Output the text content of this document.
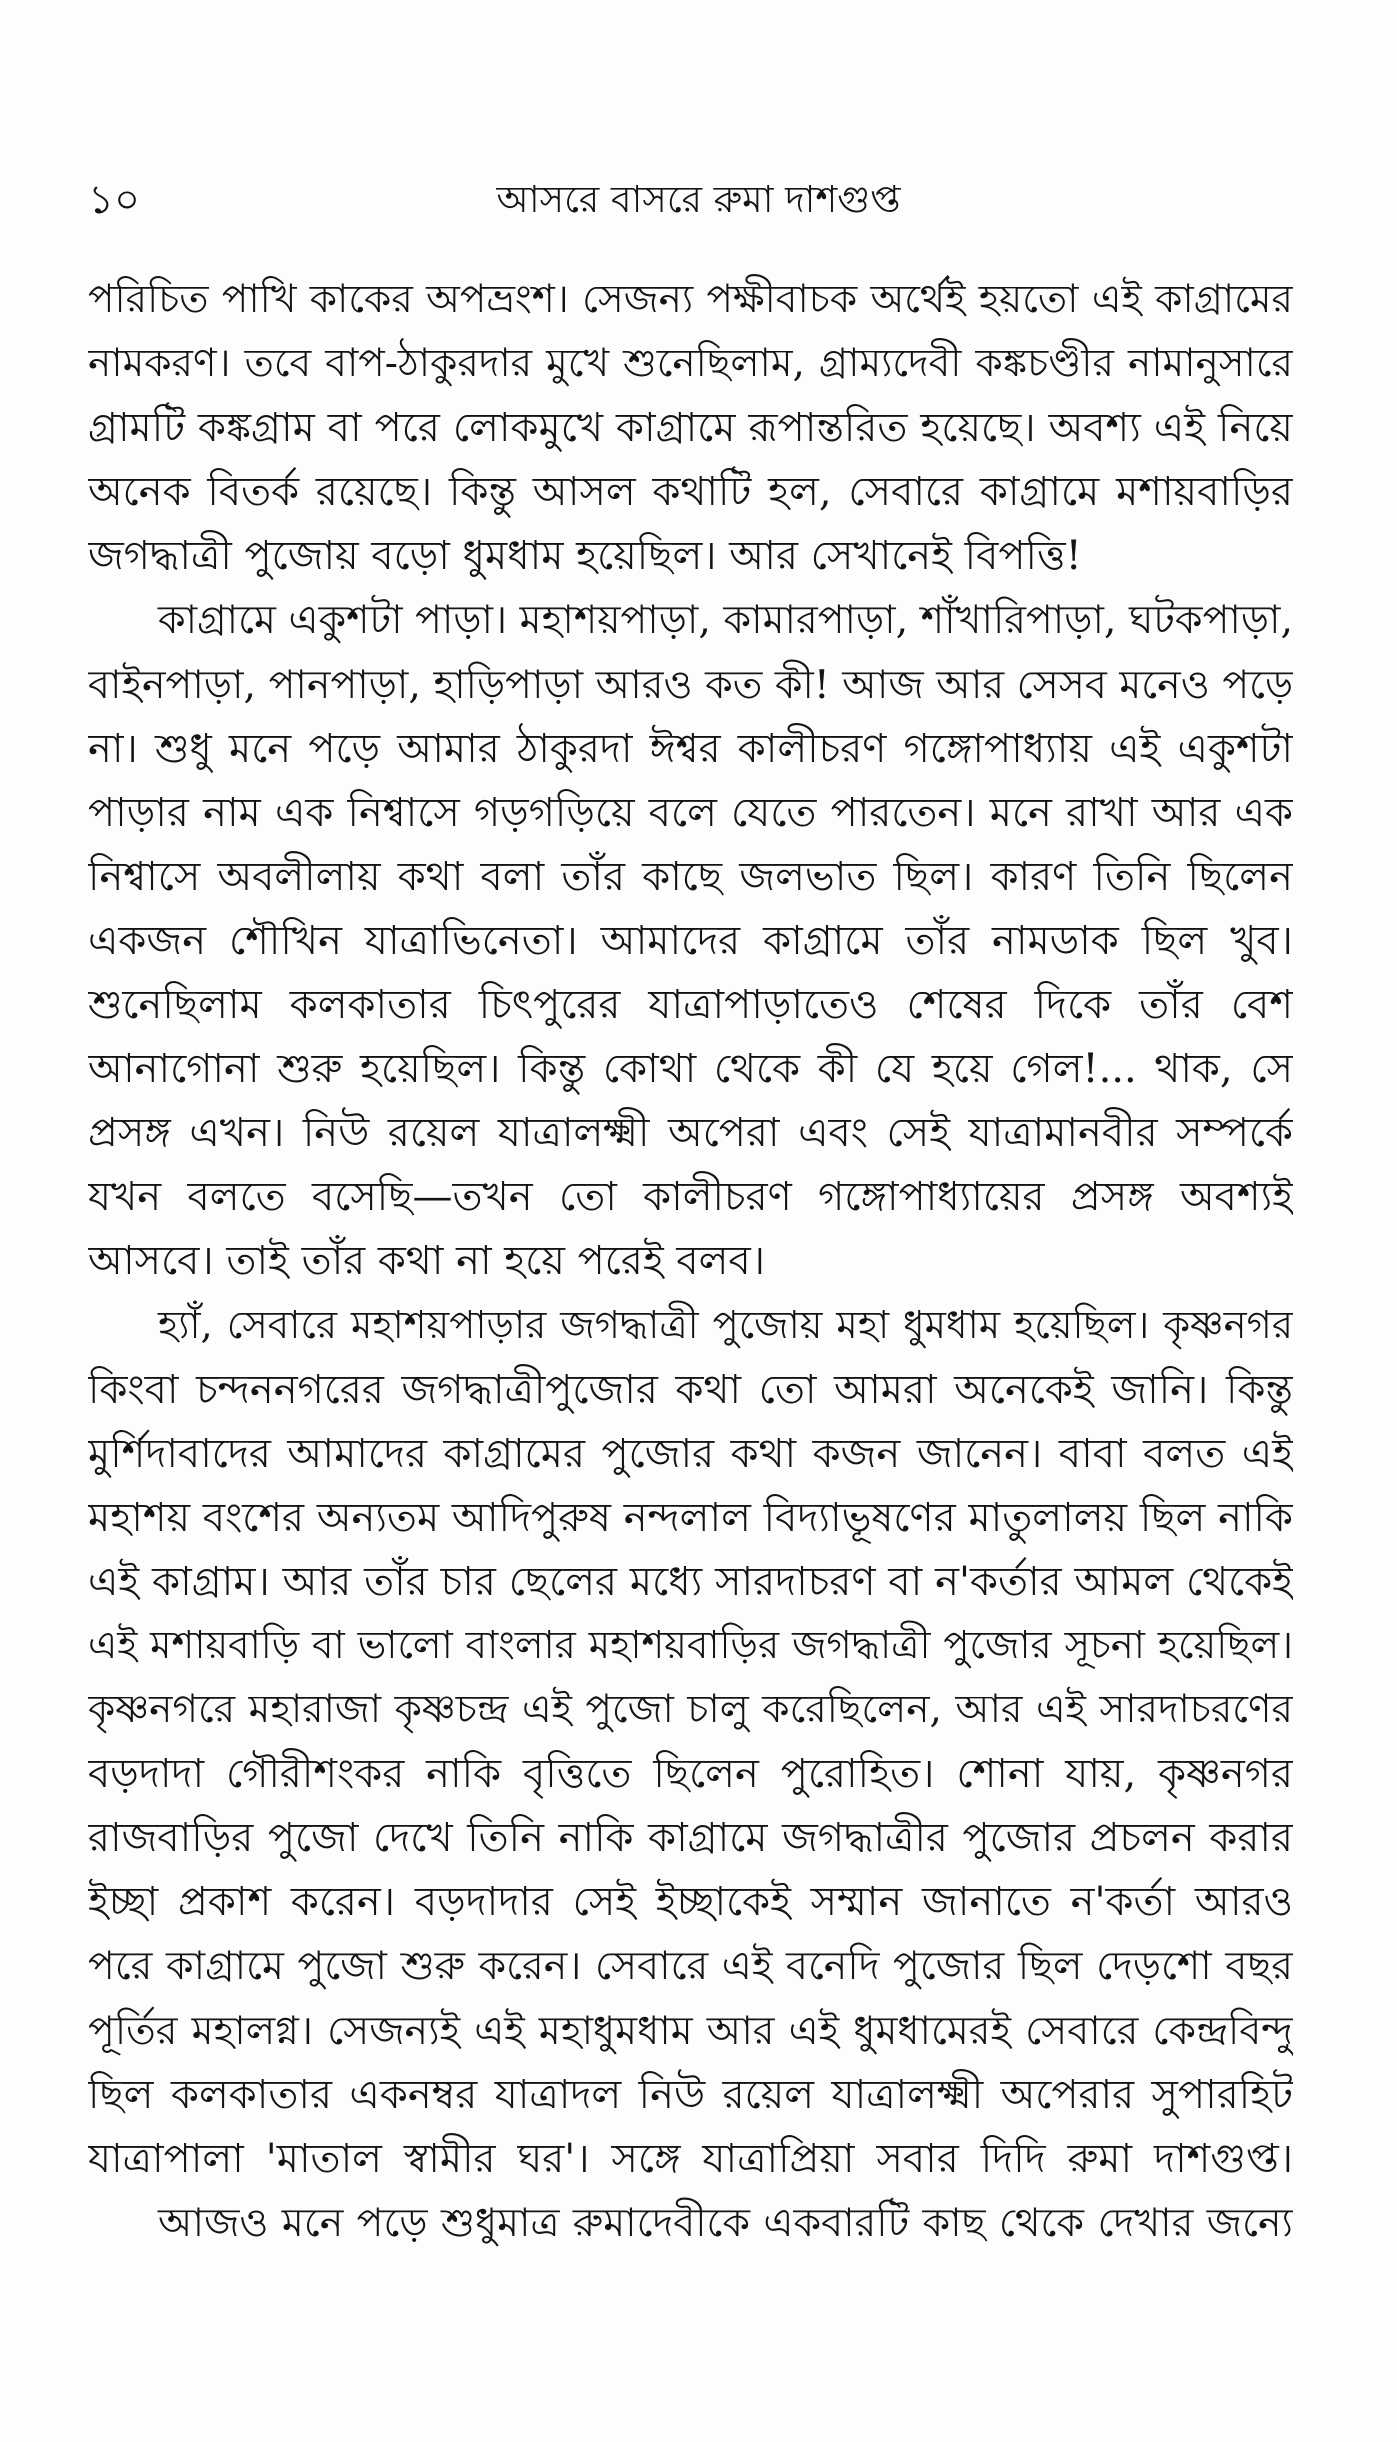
১০	আসরে বাসরে রুমা দাশগুপ্ত
পরিচিত পাখি কাকের অপভ্রংশ। সেজন্য পক্ষীবাচক অর্থেই হয়তো এই কাগ্রামের
নামকরণ। তবে বাপ-ঠাকুরদার মুখে শুনেছিলাম, গ্রাম্যদেবী কঙ্কচণ্ডীর নামানুসারে
গ্রামটি কঙ্কগ্রাম বা পরে লোকমুখে কাগ্রামে রূপান্তরিত হয়েছে। অবশ্য এই নিয়ে
অনেক বিতর্ক রয়েছে। কিন্তু আসল কথাটি হল, সেবারে কাগ্রামে মশায়বাড়ির
জগদ্ধাত্রী পুজোয় বড়ো ধুমধাম হয়েছিল। আর সেখানেই বিপত্তি!
কাগ্রামে একুশটা পাড়া। মহাশয়পাড়া, কামারপাড়া, শাঁখারিপাড়া, ঘটকপাড়া,
বাইনপাড়া, পানপাড়া, হাড়িপাড়া আরও কত কী! আজ আর সেসব মনেও পড়ে
না। শুধু মনে পড়ে আমার ঠাকুরদা ঈশ্বর কালীচরণ গঙ্গোপাধ্যায় এই একুশটা
পাড়ার নাম এক নিশ্বাসে গড়গড়িয়ে বলে যেতে পারতেন। মনে রাখা আর এক
নিশ্বাসে অবলীলায় কথা বলা তাঁর কাছে জলভাত ছিল। কারণ তিনি ছিলেন
একজন শৌখিন যাত্রাভিনেতা। আমাদের কাগ্রামে তাঁর নামডাক ছিল খুব।
শুনেছিলাম কলকাতার চিৎপুরের যাত্রাপাড়াতেও শেষের দিকে তাঁর বেশ
আনাগোনা শুরু হয়েছিল। কিন্তু কোথা থেকে কী যে হয়ে গেল!... থাক, সে
প্রসঙ্গ এখন। নিউ রয়েল যাত্রালক্ষ্মী অপেরা এবং সেই যাত্রামানবীর সম্পর্কে
যখন বলতে বসেছি—তখন তো কালীচরণ গঙ্গোপাধ্যায়ের প্রসঙ্গ অবশ্যই
আসবে। তাই তাঁর কথা না হয়ে পরেই বলব।
হ্যাঁ, সেবারে মহাশয়পাড়ার জগদ্ধাত্রী পুজোয় মহা ধুমধাম হয়েছিল। কৃষ্ণনগর
কিংবা চন্দননগরের জগদ্ধাত্রীপুজোর কথা তো আমরা অনেকেই জানি। কিন্তু
মুর্শিদাবাদের আমাদের কাগ্রামের পুজোর কথা কজন জানেন। বাবা বলত এই
মহাশয় বংশের অন্যতম আদিপুরুষ নন্দলাল বিদ্যাভূষণের মাতুলালয় ছিল নাকি
এই কাগ্রাম। আর তাঁর চার ছেলের মধ্যে সারদাচরণ বা ন'কর্তার আমল থেকেই
এই মশায়বাড়ি বা ভালো বাংলার মহাশয়বাড়ির জগদ্ধাত্রী পুজোর সূচনা হয়েছিল।
কৃষ্ণনগরে মহারাজা কৃষ্ণচন্দ্র এই পুজো চালু করেছিলেন, আর এই সারদাচরণের
বড়দাদা গৌরীশংকর নাকি বৃত্তিতে ছিলেন পুরোহিত। শোনা যায়, কৃষ্ণনগর
রাজবাড়ির পুজো দেখে তিনি নাকি কাগ্রামে জগদ্ধাত্রীর পুজোর প্রচলন করার
ইচ্ছা প্রকাশ করেন। বড়দাদার সেই ইচ্ছাকেই সম্মান জানাতে ন'কর্তা আরও
পরে কাগ্রামে পুজো শুরু করেন। সেবারে এই বনেদি পুজোর ছিল দেড়শো বছর
পূর্তির মহালগ্ন। সেজন্যই এই মহাধুমধাম আর এই ধুমধামেরই সেবারে কেন্দ্রবিন্দু
ছিল কলকাতার একনম্বর যাত্রাদল নিউ রয়েল যাত্রালক্ষ্মী অপেরার সুপারহিট
যাত্রাপালা 'মাতাল স্বামীর ঘর'। সঙ্গে যাত্রাপ্রিয়া সবার দিদি রুমা দাশগুপ্ত।
আজও মনে পড়ে শুধুমাত্র রুমাদেবীকে একবারটি কাছ থেকে দেখার জন্যে
